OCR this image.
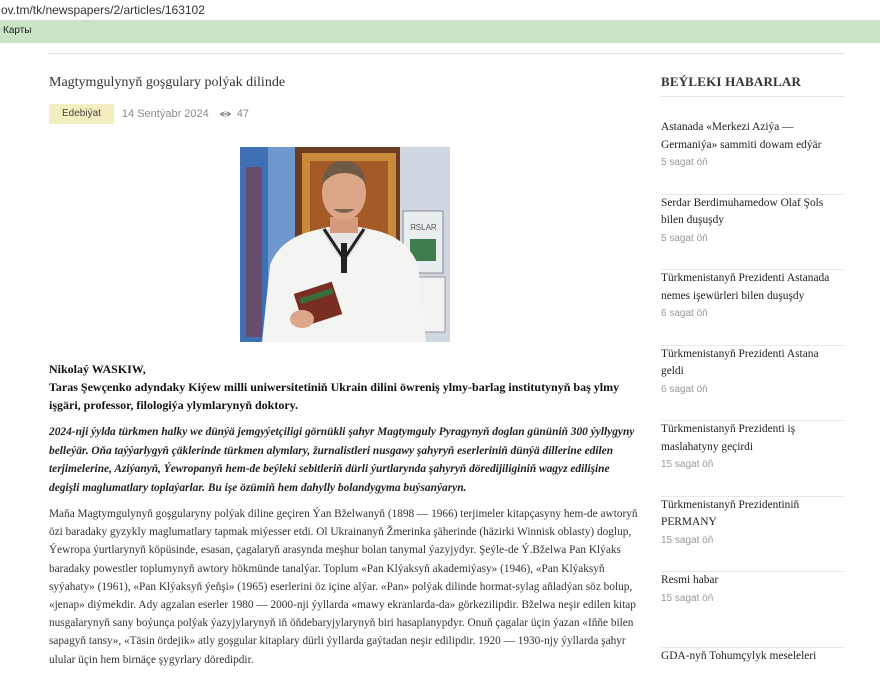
ov.tm/tk/newspapers/2/articles/163102
Карты
Magtymgulynyň goşgulary polýak dilinde
Edebiýat	14 Sentýabr 2024	47
ЯSLAR
Nikolaý WASKIW,
Taras Şewçenko adyndaky Kiýew milli uniwersitetiniň Ukrain dilini öwreniş ylmy-barlag institutynyň baş ylmy işgäri, professor, filologiýa ylymlarynyň doktory.

2024-nji ýylda türkmen halky we dünýä jemgyýetçiligi görnükli şahyr Magtymguly Pyragynyň doglan gününiň 300 ýyllygyny belleýär. Oňa taýýarlygyň çäklerinde türkmen alymlary, žurnalistleri nusgawy şahyryň eserleriniň dünýä dillerine edilen terjimelerine, Aziýanyň, Ýewropanyň hem-de beýleki sebitleriň dürli ýurtlarynda şahyryň döredijiliginiň wagyz edilişine degişli maglumatlary toplaýarlar. Bu işe özümiň hem dahylly bolandygyma buýsanýaryn.

Maňa Magtymgulynyň goşgularyny polýak diline geçiren Ýan Bželwanyň (1898 — 1966) terjimeler kitapçasyny hem-de awtoryň özi baradaky gyzykly maglumatlary tapmak miýesser etdi. Ol Ukrainanyň Žmerinka şäherinde (häzirki Winnisk oblasty) doglup, Ýewropa ýurtlarynyň köpüsinde, esasan, çagalaryň arasynda meşhur bolan tanymal ýazyjydyr. Şeýle-de Ý.Bželwa Pan Klýaks baradaky powestler toplumynyň awtory hökmünde tanalýar. Toplum «Pan Klýaksyň akademiýasy» (1946), «Pan Klýaksyň syýahaty» (1961), «Pan Klýaksyň ýeňşi» (1965) eserlerini öz içine alýar. «Pan» polýak dilinde hormat-sylag aňladýan söz bolup, «jenap» diýmekdir. Ady agzalan eserler 1980 — 2000-nji ýyllarda «mawy ekranlarda-da» görkezilipdir. Bželwa neşir edilen kitap nusgalarynyň sany boýunça polýak ýazyjylarynyň iň öňdebaryjylarynyň biri hasaplanypdyr. Onuň çagalar üçin ýazan «Iňňe bilen sapagyň tansy», «Täsin ördejik» atly goşgular kitaplary dürli ýyllarda gaýtadan neşir edilipdir. 1920 — 1930-njy ýyllarda şahyr ulular üçin hem birnäçe şygyrlary döredipdir.

BEÝLEKI HABARLAR
Astanada «Merkezi Aziýa — Germaniýa» sammiti dowam edýär
5 sagat öň
Serdar Berdimuhamedow Olaf Şols bilen duşuşdy
5 sagat öň
Türkmenistanyň Prezidenti Astanada nemes işewürleri bilen duşuşdy
6 sagat öň
Türkmenistanyň Prezidenti Astana geldi
6 sagat öň
Türkmenistanyň Prezidenti iş maslahatyny geçirdi
15 sagat öň
Türkmenistanyň Prezidentiniň PERMANY
15 sagat öň
Resmi habar
15 sagat öň
GDA-nyň Tohumçylyk meseleleri
